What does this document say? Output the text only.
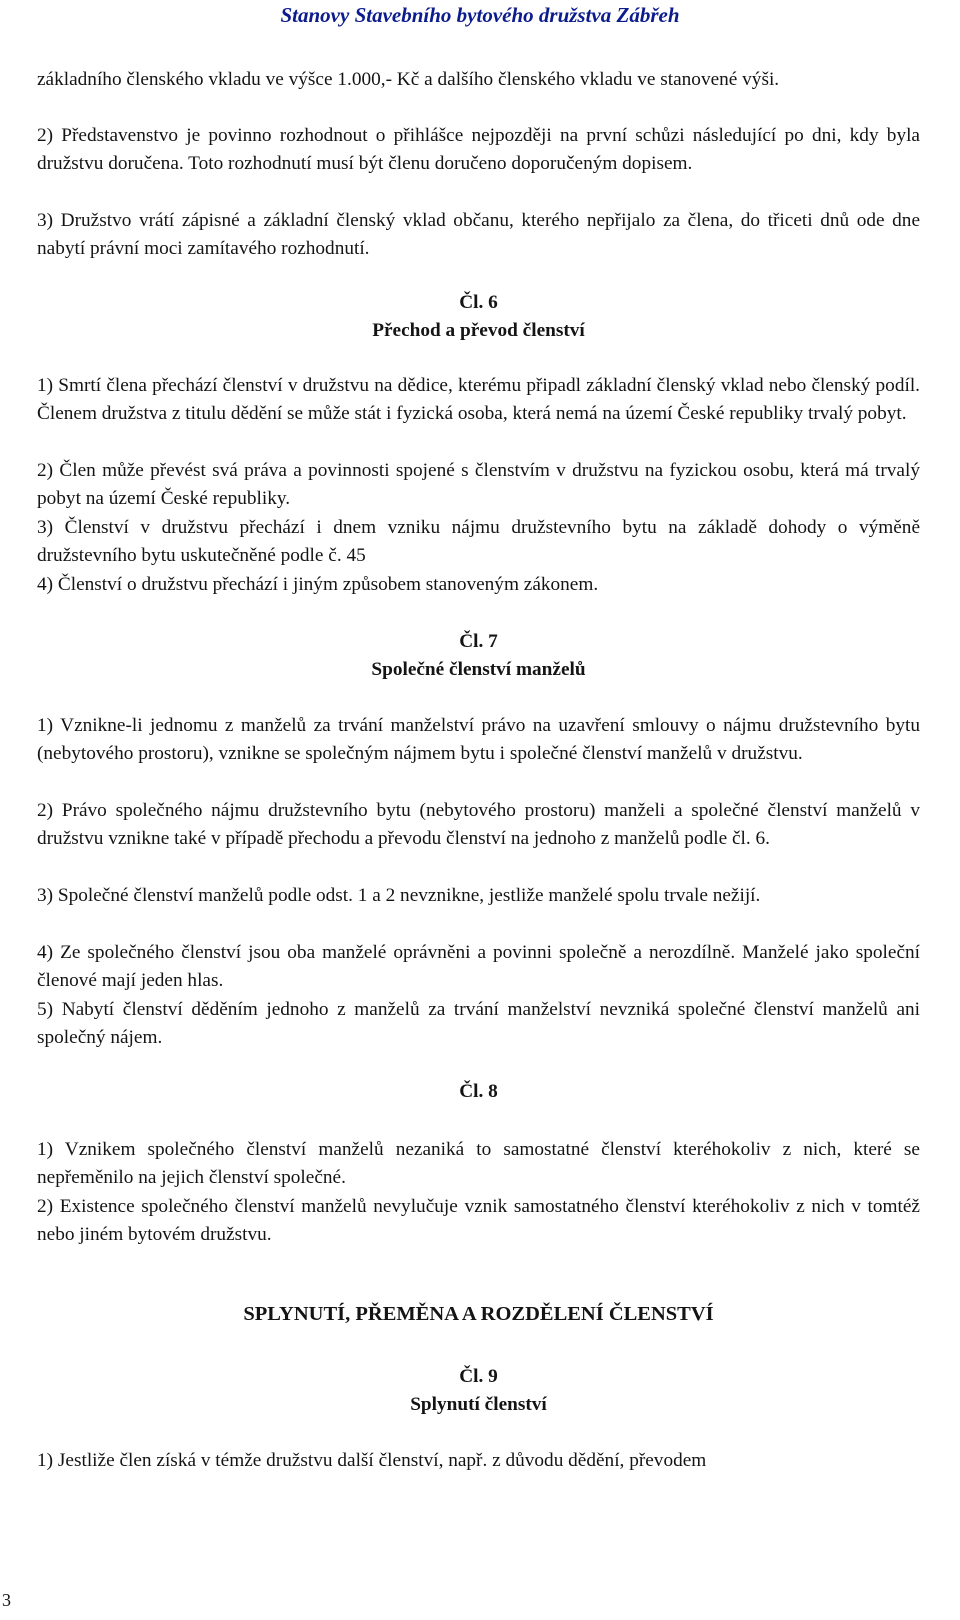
Stanovy Stavebního bytového družstva Zábřeh
základního členského vkladu ve výšce 1.000,- Kč a dalšího členského vkladu ve stanovené výši.
2) Představenstvo je povinno rozhodnout o přihlášce nejpozději na první schůzi následující po dni, kdy byla družstvu doručena. Toto rozhodnutí musí být členu doručeno doporučeným dopisem.
3) Družstvo vrátí zápisné a základní členský vklad občanu, kterého nepřijalo za člena, do třiceti dnů ode dne nabytí právní moci zamítavého rozhodnutí.
Čl. 6
Přechod a převod členství
1) Smrtí člena přechází členství v družstvu na dědice, kterému připadl základní členský vklad nebo členský podíl. Členem družstva z titulu dědění se může stát i fyzická osoba, která nemá na území České republiky trvalý pobyt.
2) Člen může převést svá práva a povinnosti spojené s členstvím v družstvu na fyzickou osobu, která má trvalý pobyt na území České republiky.
3) Členství v družstvu přechází i dnem vzniku nájmu družstevního bytu na základě dohody o výměně družstevního bytu uskutečněné podle č. 45
4) Členství o družstvu přechází i jiným způsobem stanoveným zákonem.
Čl. 7
Společné členství manželů
1) Vznikne-li jednomu z manželů za trvání manželství právo na uzavření smlouvy o nájmu družstevního bytu (nebytového prostoru), vznikne se společným nájmem bytu i společné členství manželů v družstvu.
2) Právo společného nájmu družstevního bytu (nebytového prostoru) manželi a společné členství manželů v družstvu vznikne také v případě přechodu a převodu členství na jednoho z manželů podle čl. 6.
3) Společné členství manželů podle odst. 1 a 2 nevznikne, jestliže manželé spolu trvale nežijí.
4) Ze společného členství jsou oba manželé oprávněni a povinni společně a nerozdílně. Manželé jako společní členové mají jeden hlas.
5) Nabytí členství děděním jednoho z manželů za trvání manželství nevzniká společné členství manželů ani společný nájem.
Čl. 8
1) Vznikem společného členství manželů nezaniká to samostatné členství kteréhokoliv z nich, které se nepřeměnilo na jejich členství společné.
2) Existence společného členství manželů nevylučuje vznik samostatného členství kteréhokoliv z nich v tomtéž nebo jiném bytovém družstvu.
SPLYNUTÍ, PŘEMĚNA A ROZDĚLENÍ ČLENSTVÍ
Čl. 9
Splynutí členství
1) Jestliže člen získá v témže družstvu další členství, např. z důvodu dědění, převodem
3
